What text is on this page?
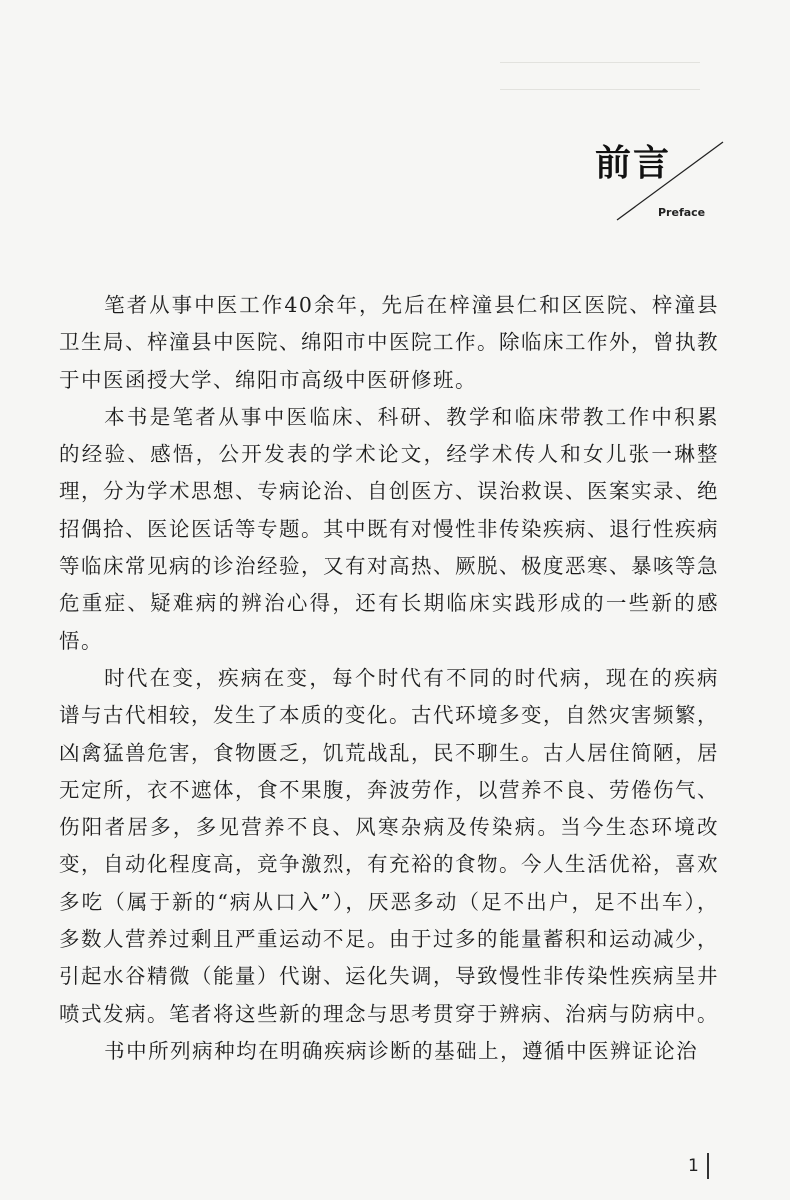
前言
Preface

笔者从事中医工作40余年，先后在梓潼县仁和区医院、梓潼县卫生局、梓潼县中医院、绵阳市中医院工作。除临床工作外，曾执教于中医函授大学、绵阳市高级中医研修班。

本书是笔者从事中医临床、科研、教学和临床带教工作中积累的经验、感悟，公开发表的学术论文，经学术传人和女儿张一琳整理，分为学术思想、专病论治、自创医方、误治救误、医案实录、绝招偶拾、医论医话等专题。其中既有对慢性非传染疾病、退行性疾病等临床常见病的诊治经验，又有对高热、厥脱、极度恶寒、暴咳等急危重症、疑难病的辨治心得，还有长期临床实践形成的一些新的感悟。

时代在变，疾病在变，每个时代有不同的时代病，现在的疾病谱与古代相较，发生了本质的变化。古代环境多变，自然灾害频繁，凶禽猛兽危害，食物匮乏，饥荒战乱，民不聊生。古人居住简陋，居无定所，衣不遮体，食不果腹，奔波劳作，以营养不良、劳倦伤气、伤阳者居多，多见营养不良、风寒杂病及传染病。当今生态环境改变，自动化程度高，竞争激烈，有充裕的食物。今人生活优裕，喜欢多吃（属于新的“病从口入”），厌恶多动（足不出户，足不出车），多数人营养过剩且严重运动不足。由于过多的能量蓄积和运动减少，引起水谷精微（能量）代谢、运化失调，导致慢性非传染性疾病呈井喷式发病。笔者将这些新的理念与思考贯穿于辨病、治病与防病中。

书中所列病种均在明确疾病诊断的基础上，遵循中医辨证论治

1
